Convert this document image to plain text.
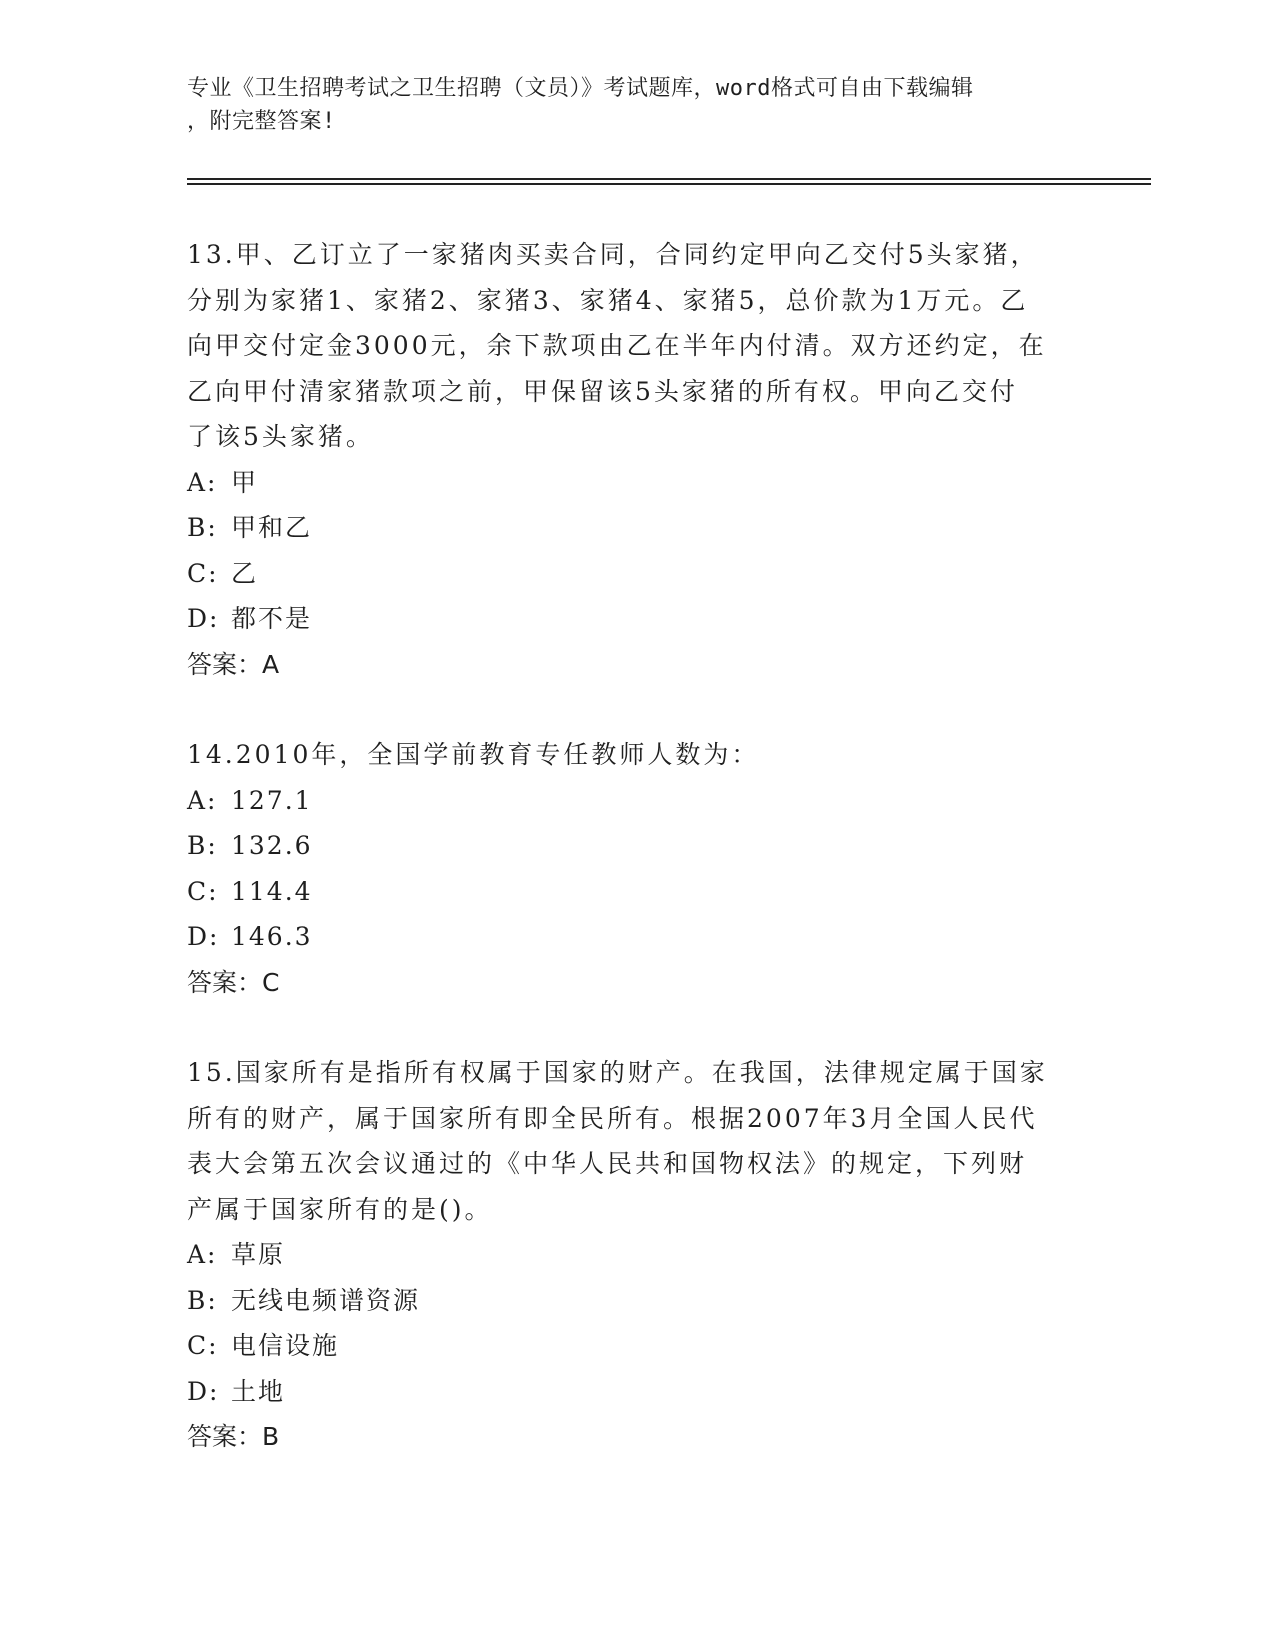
专业《卫生招聘考试之卫生招聘（文员）》考试题库，word格式可自由下载编辑
，附完整答案!

13.甲、乙订立了一家猪肉买卖合同，合同约定甲向乙交付5头家猪，
分别为家猪1、家猪2、家猪3、家猪4、家猪5，总价款为1万元。乙
向甲交付定金3000元，余下款项由乙在半年内付清。双方还约定，在
乙向甲付清家猪款项之前，甲保留该5头家猪的所有权。甲向乙交付
了该5头家猪。

A: 甲
B: 甲和乙
C: 乙
D: 都不是
答案：A

14.2010年，全国学前教育专任教师人数为：

A: 127.1
B: 132.6
C: 114.4
D: 146.3
答案：C

15.国家所有是指所有权属于国家的财产。在我国，法律规定属于国家
所有的财产，属于国家所有即全民所有。根据2007年3月全国人民代
表大会第五次会议通过的《中华人民共和国物权法》的规定，下列财
产属于国家所有的是()。

A: 草原
B: 无线电频谱资源
C: 电信设施
D: 土地
答案：B
